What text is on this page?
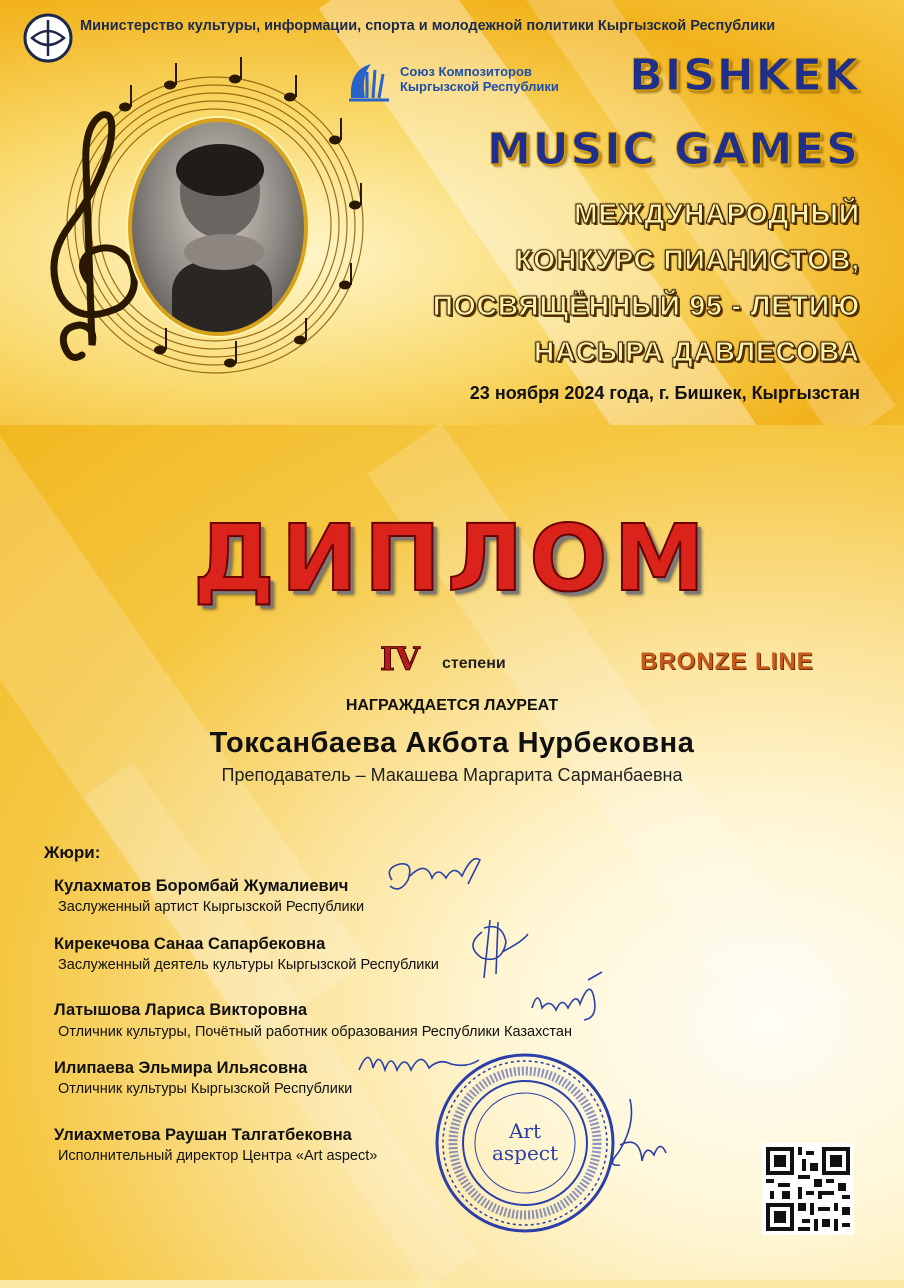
Министерство культуры, информации, спорта и молодежной политики Кыргызской Республики
Союз Композиторов
Кыргызской Республики BISHKEK
MUSIC GAMES
МЕЖДУНАРОДНЫЙ
КОНКУРС ПИАНИСТОВ,
ПОСВЯЩЁННЫЙ 95 - ЛЕТИЮ
НАСЫРА ДАВЛЕСОВА
23 ноября 2024 года, г. Бишкек, Кыргызстан
ДИПЛОМ
IV степени	BRONZE LINE
НАГРАЖДАЕТСЯ ЛАУРЕАТ
Токсанбаева Акбота Нурбековна
Преподаватель – Макашева Маргарита Сарманбаевна
Жюри:
Кулахматов Боромбай Жумалиевич
Заслуженный артист Кыргызской Республики
Кирекечова Санаа Сапарбековна
Заслуженный деятель культуры Кыргызской Республики
Латышова Лариса Викторовна
Отличник культуры, Почётный работник образования Республики Казахстан
Илипаева Эльмира Ильясовна
Отличник культуры Кыргызской Республики
Улиахметова Раушан Талгатбековна
Исполнительный директор Центра «Art aspect»
Art
aspect
